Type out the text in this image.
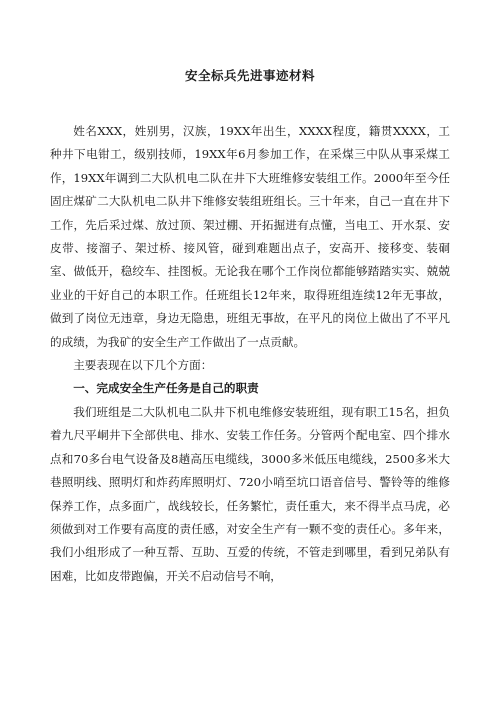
安全标兵先进事迹材料

姓名XXX，姓别男，汉族，19XX年出生，XXXX程度，籍贯XXXX，工种井下电钳工，级别技师，19XX年6月参加工作，在采煤三中队从事采煤工作，19XX年调到二大队机电二队在井下大班维修安装组工作。2000年至今任固庄煤矿二大队机电二队井下维修安装组班组长。三十年来，自己一直在井下工作，先后采过煤、放过顶、架过棚、开拓掘进有点懂，当电工、开水泵、安皮带、接溜子、架过桥、接风管，碰到难题出点子，安高开、接移变、装硐室、做低开，稳绞车、挂图板。无论我在哪个工作岗位都能够踏踏实实、兢兢业业的干好自己的本职工作。任班组长12年来，取得班组连续12年无事故，做到了岗位无违章，身边无隐患，班组无事故，在平凡的岗位上做出了不平凡的成绩，为我矿的安全生产工作做出了一点贡献。

主要表现在以下几个方面：

一、完成安全生产任务是自己的职责

我们班组是二大队机电二队井下机电维修安装班组，现有职工15名，担负着九尺平峒井下全部供电、排水、安装工作任务。分管两个配电室、四个排水点和70多台电气设备及8趟高压电缆线，3000多米低压电缆线，2500多米大巷照明线、照明灯和炸药库照明灯、720小哨至坑口语音信号、警铃等的维修保养工作，点多面广，战线较长，任务繁忙，责任重大，来不得半点马虎，必须做到对工作要有高度的责任感，对安全生产有一颗不变的责任心。多年来，我们小组形成了一种互帮、互助、互爱的传统，不管走到哪里，看到兄弟队有困难，比如皮带跑偏，开关不启动信号不响，
